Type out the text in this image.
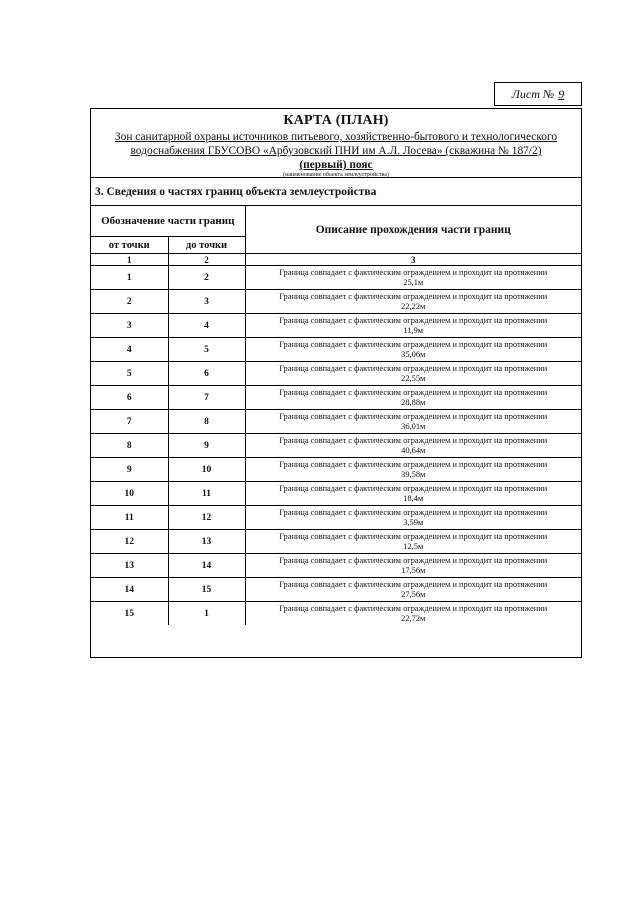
Лист № 9
КАРТА (ПЛАН)
Зон санитарной охраны источников питьевого, хозяйственно-бытового и технологического водоснабжения ГБУСОВО «Арбузовский ПНИ им А.Л. Лосева» (скважина № 187/2)
(первый) пояс
(наименование объекта землеустройства)
3. Сведения о частях границ объекта землеустройства
Обозначение части границ		Описание прохождения части границ
от точки	до точки	
1	2	3
1	2	Граница совпадает с фактическим ограждением и проходит на протяжении 25,1м

2	3	Граница совпадает с фактическим ограждением и проходит на протяжении 22,22м

3	4	Граница совпадает с фактическим ограждением и проходит на протяжении 11,9м

4	5	Граница совпадает с фактическим ограждением и проходит на протяжении 35,06м

5	6	Граница совпадает с фактическим ограждением и проходит на протяжении 22,55м

6	7	Граница совпадает с фактическим ограждением и проходит на протяжении 28,88м

7	8	Граница совпадает с фактическим ограждением и проходит на протяжении 36,01м

8	9	Граница совпадает с фактическим ограждением и проходит на протяжении 40,64м

9	10	Граница совпадает с фактическим ограждением и проходит на протяжении 39,58м

10	11	Граница совпадает с фактическим ограждением и проходит на протяжении 18,4м

11	12	Граница совпадает с фактическим ограждением и проходит на протяжении 3,59м

12	13	Граница совпадает с фактическим ограждением и проходит на протяжении 12,5м

13	14	Граница совпадает с фактическим ограждением и проходит на протяжении 17,56м

14	15	Граница совпадает с фактическим ограждением и проходит на протяжении 27,56м

15	1	Граница совпадает с фактическим ограждением и проходит на протяжении 22,72м
